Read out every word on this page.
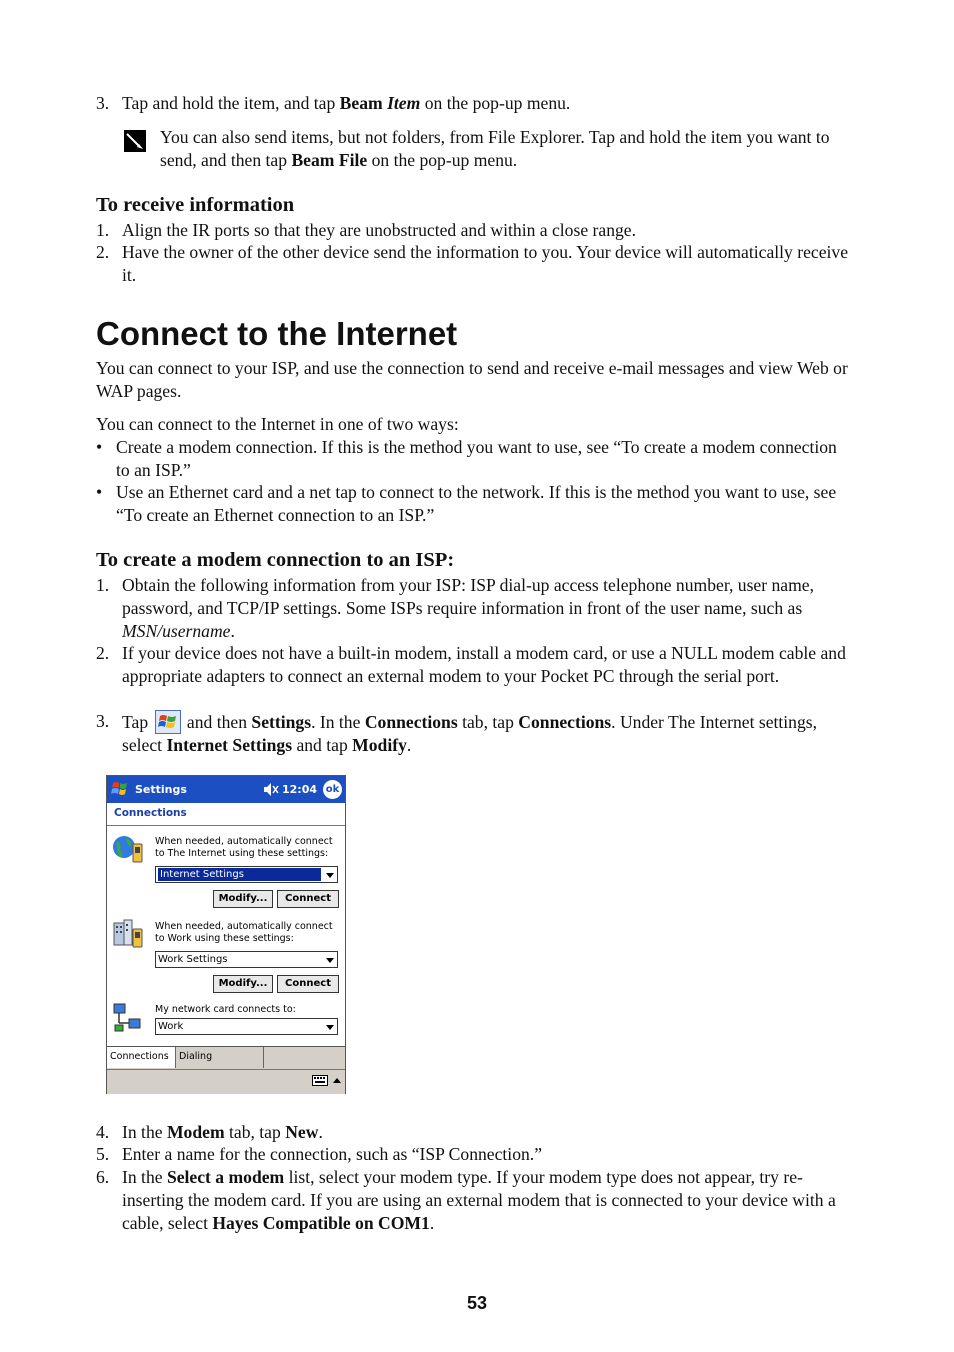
3. Tap and hold the item, and tap Beam Item on the pop-up menu.
You can also send items, but not folders, from File Explorer. Tap and hold the item you want to send, and then tap Beam File on the pop-up menu.
To receive information
1. Align the IR ports so that they are unobstructed and within a close range.
2. Have the owner of the other device send the information to you. Your device will automatically receive it.
Connect to the Internet
You can connect to your ISP, and use the connection to send and receive e-mail messages and view Web or WAP pages.
You can connect to the Internet in one of two ways:
• Create a modem connection. If this is the method you want to use, see “To create a modem connection to an ISP.”
• Use an Ethernet card and a net tap to connect to the network. If this is the method you want to use, see “To create an Ethernet connection to an ISP.”
To create a modem connection to an ISP:
1. Obtain the following information from your ISP: ISP dial-up access telephone number, user name, password, and TCP/IP settings. Some ISPs require information in front of the user name, such as MSN/username.
2. If your device does not have a built-in modem, install a modem card, or use a NULL modem cable and appropriate adapters to connect an external modem to your Pocket PC through the serial port.
3. Tap  and then Settings. In the Connections tab, tap Connections. Under The Internet settings, select Internet Settings and tap Modify.
Settings	12:04 ok
Connections
When needed, automatically connect to The Internet using these settings:
Internet Settings
Modify...	Connect
When needed, automatically connect to Work using these settings:
Work Settings
Modify...	Connect
My network card connects to:
Work
Connections	Dialing
4. In the Modem tab, tap New.
5. Enter a name for the connection, such as “ISP Connection.”
6. In the Select a modem list, select your modem type. If your modem type does not appear, try re-inserting the modem card. If you are using an external modem that is connected to your device with a cable, select Hayes Compatible on COM1.
53
